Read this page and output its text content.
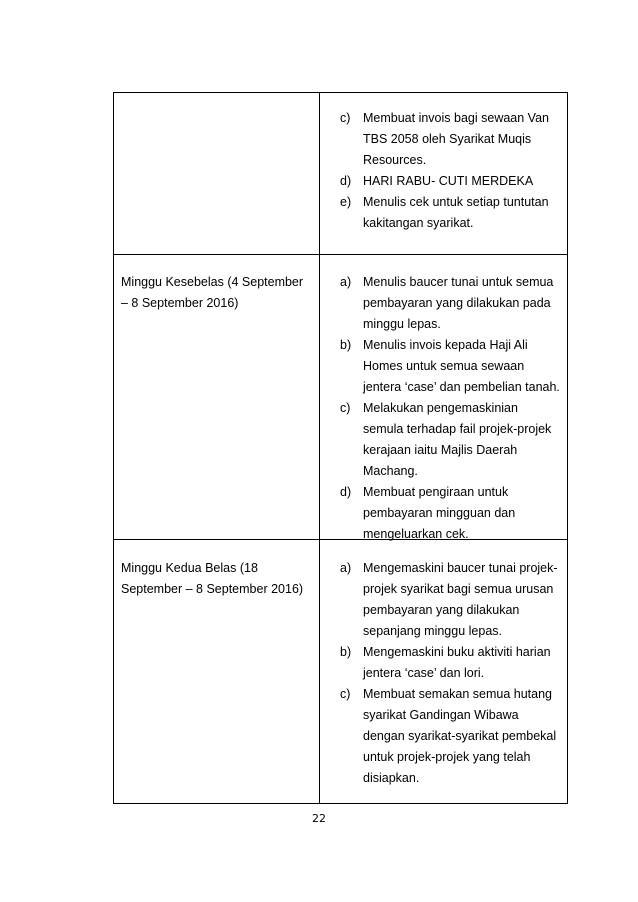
c) Membuat invois bagi sewaan Van TBS 2058 oleh Syarikat Muqis Resources.
d) HARI RABU- CUTI MERDEKA
e) Menulis cek untuk setiap tuntutan kakitangan syarikat.
Minggu Kesebelas (4 September – 8 September 2016)
a) Menulis baucer tunai untuk semua pembayaran yang dilakukan pada minggu lepas.
b) Menulis invois kepada Haji Ali Homes untuk semua sewaan jentera ‘case’ dan pembelian tanah.
c) Melakukan pengemaskinian semula terhadap fail projek-projek kerajaan iaitu Majlis Daerah Machang.
d) Membuat pengiraan untuk pembayaran mingguan dan mengeluarkan cek.
Minggu Kedua Belas (18 September – 8 September 2016)
a) Mengemaskini baucer tunai projek-projek syarikat bagi semua urusan pembayaran yang dilakukan sepanjang minggu lepas.
b) Mengemaskini buku aktiviti harian jentera ‘case’ dan lori.
c) Membuat semakan semua hutang syarikat Gandingan Wibawa dengan syarikat-syarikat pembekal untuk projek-projek yang telah disiapkan.
22
